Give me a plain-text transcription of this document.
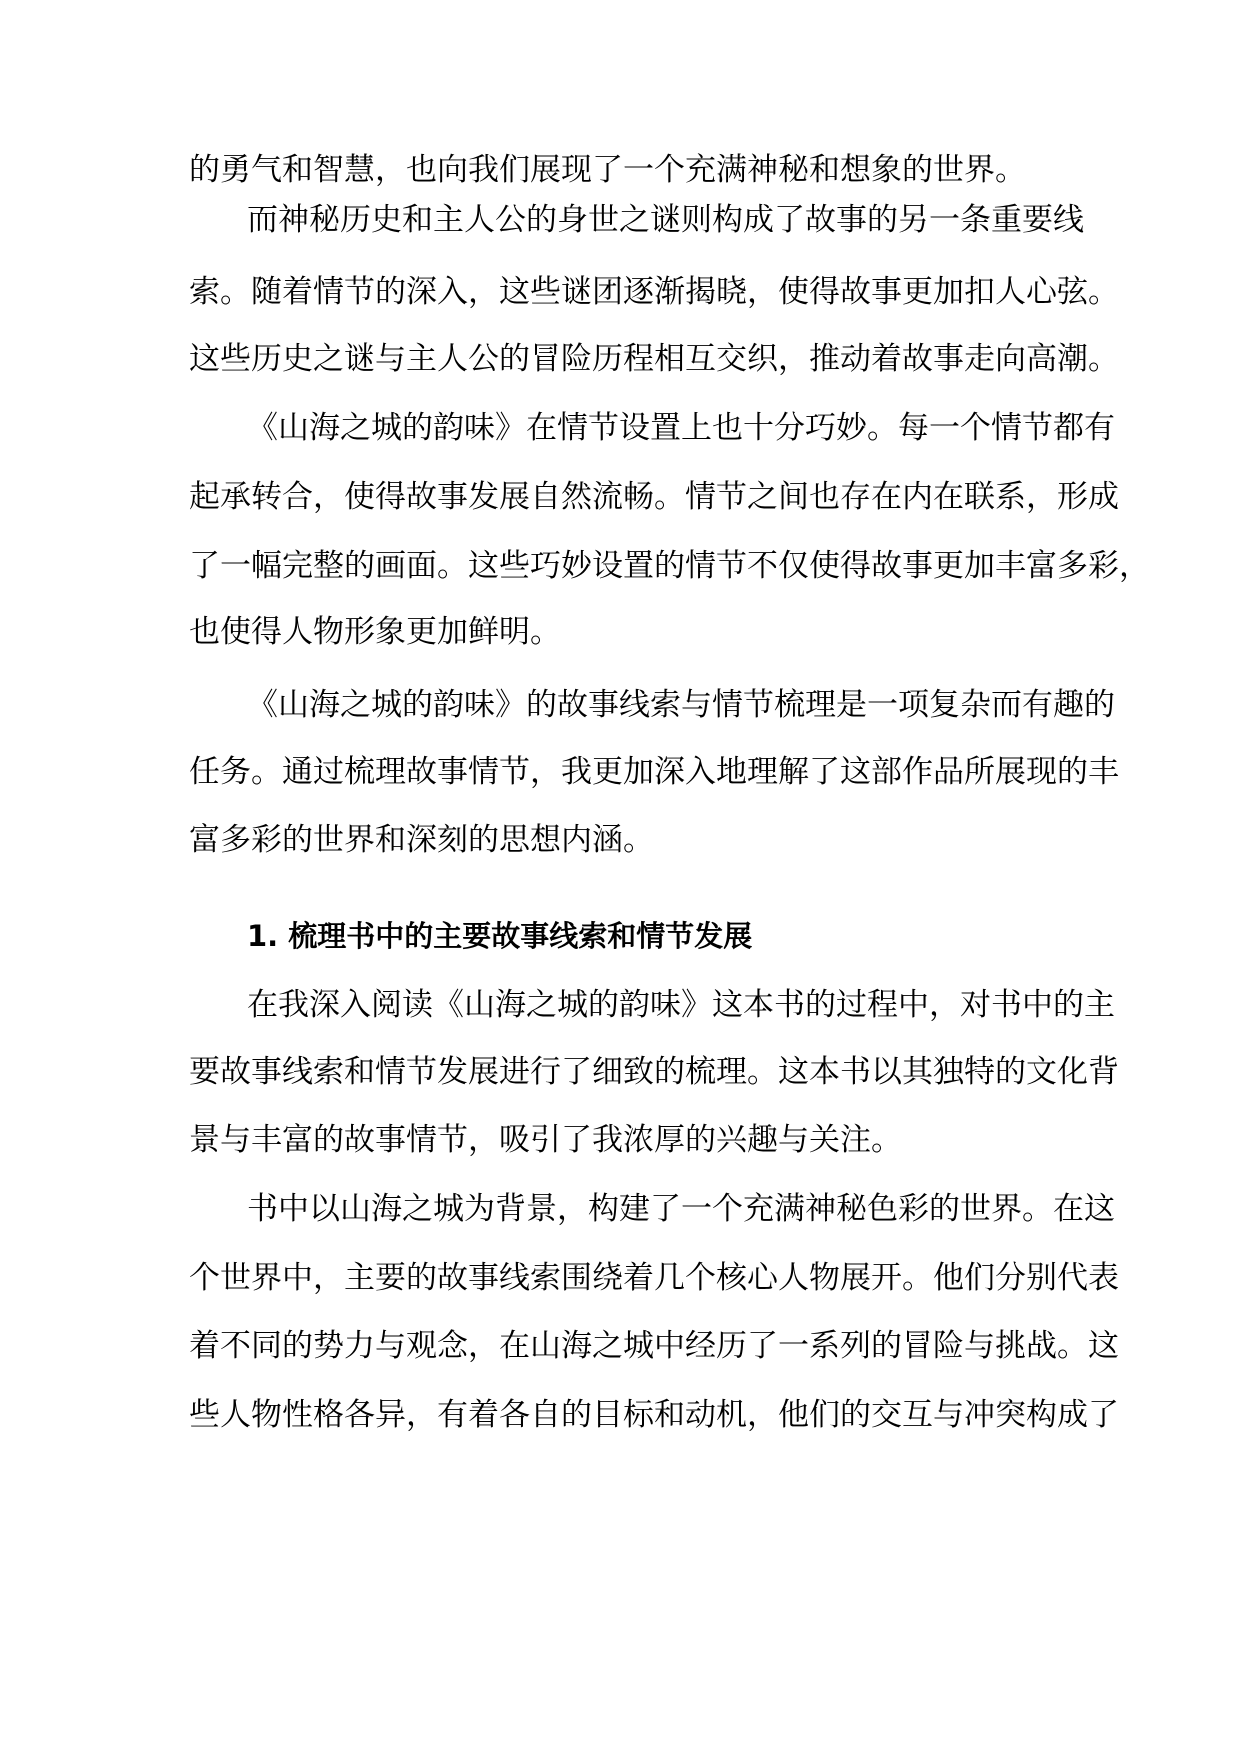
的勇气和智慧，也向我们展现了一个充满神秘和想象的世界。
而神秘历史和主人公的身世之谜则构成了故事的另一条重要线
索。随着情节的深入，这些谜团逐渐揭晓，使得故事更加扣人心弦。
这些历史之谜与主人公的冒险历程相互交织，推动着故事走向高潮。
《山海之城的韵味》在情节设置上也十分巧妙。每一个情节都有
起承转合，使得故事发展自然流畅。情节之间也存在内在联系，形成
了一幅完整的画面。这些巧妙设置的情节不仅使得故事更加丰富多彩，
也使得人物形象更加鲜明。
《山海之城的韵味》的故事线索与情节梳理是一项复杂而有趣的
任务。通过梳理故事情节，我更加深入地理解了这部作品所展现的丰
富多彩的世界和深刻的思想内涵。
1. 梳理书中的主要故事线索和情节发展
在我深入阅读《山海之城的韵味》这本书的过程中，对书中的主
要故事线索和情节发展进行了细致的梳理。这本书以其独特的文化背
景与丰富的故事情节，吸引了我浓厚的兴趣与关注。
书中以山海之城为背景，构建了一个充满神秘色彩的世界。在这
个世界中，主要的故事线索围绕着几个核心人物展开。他们分别代表
着不同的势力与观念，在山海之城中经历了一系列的冒险与挑战。这
些人物性格各异，有着各自的目标和动机，他们的交互与冲突构成了
